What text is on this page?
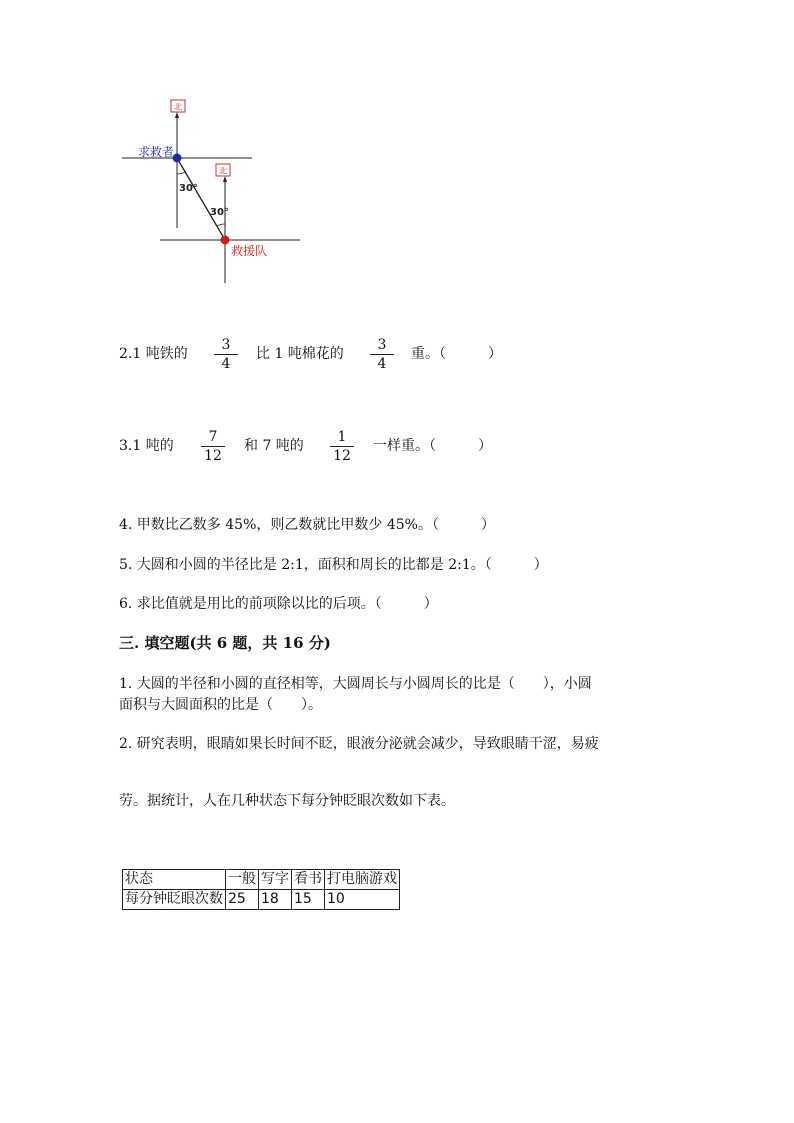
北
北
30°
30°
求救者
救援队
2.1 吨铁的
3
4
比 1 吨棉花的
3
4
重。（　　　）
3.1 吨的
7
12
和 7 吨的
1
12
一样重。（　　　）
4. 甲数比乙数多 45%，则乙数就比甲数少 45%。（　　　）
5. 大圆和小圆的半径比是 2:1，面积和周长的比都是 2:1。（　　　）
6. 求比值就是用比的前项除以比的后项。（　　　）
三. 填空题(共 6 题，共 16 分)
1. 大圆的半径和小圆的直径相等，大圆周长与小圆周长的比是（　　），小圆
面积与大圆面积的比是（　　）。
2. 研究表明，眼睛如果长时间不眨，眼液分泌就会减少，导致眼睛干涩，易疲
劳。据统计，人在几种状态下每分钟眨眼次数如下表。
状态	一般	写字	看书	打电脑游戏
每分钟眨眼次数	25	18	15	10
